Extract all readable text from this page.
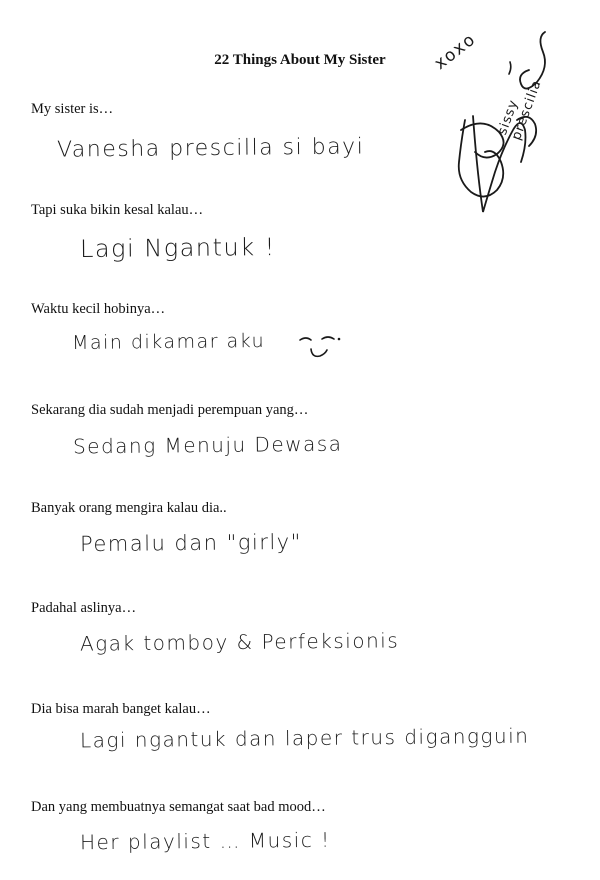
22 Things About My Sister
My sister is…
Vanesha prescilla si bayi
Tapi suka bikin kesal kalau…
Lagi Ngantuk !
Waktu kecil hobinya…
Main dikamar aku
Sekarang dia sudah menjadi perempuan yang…
Sedang Menuju Dewasa
Banyak orang mengira kalau dia..
Pemalu dan "girly"
Padahal aslinya…
Agak tomboy & Perfeksionis
Dia bisa marah banget kalau…
Lagi ngantuk dan laper trus digangguin
Dan yang membuatnya semangat saat bad mood…
Her playlist … Music !
xoxo
sissy prescilia
